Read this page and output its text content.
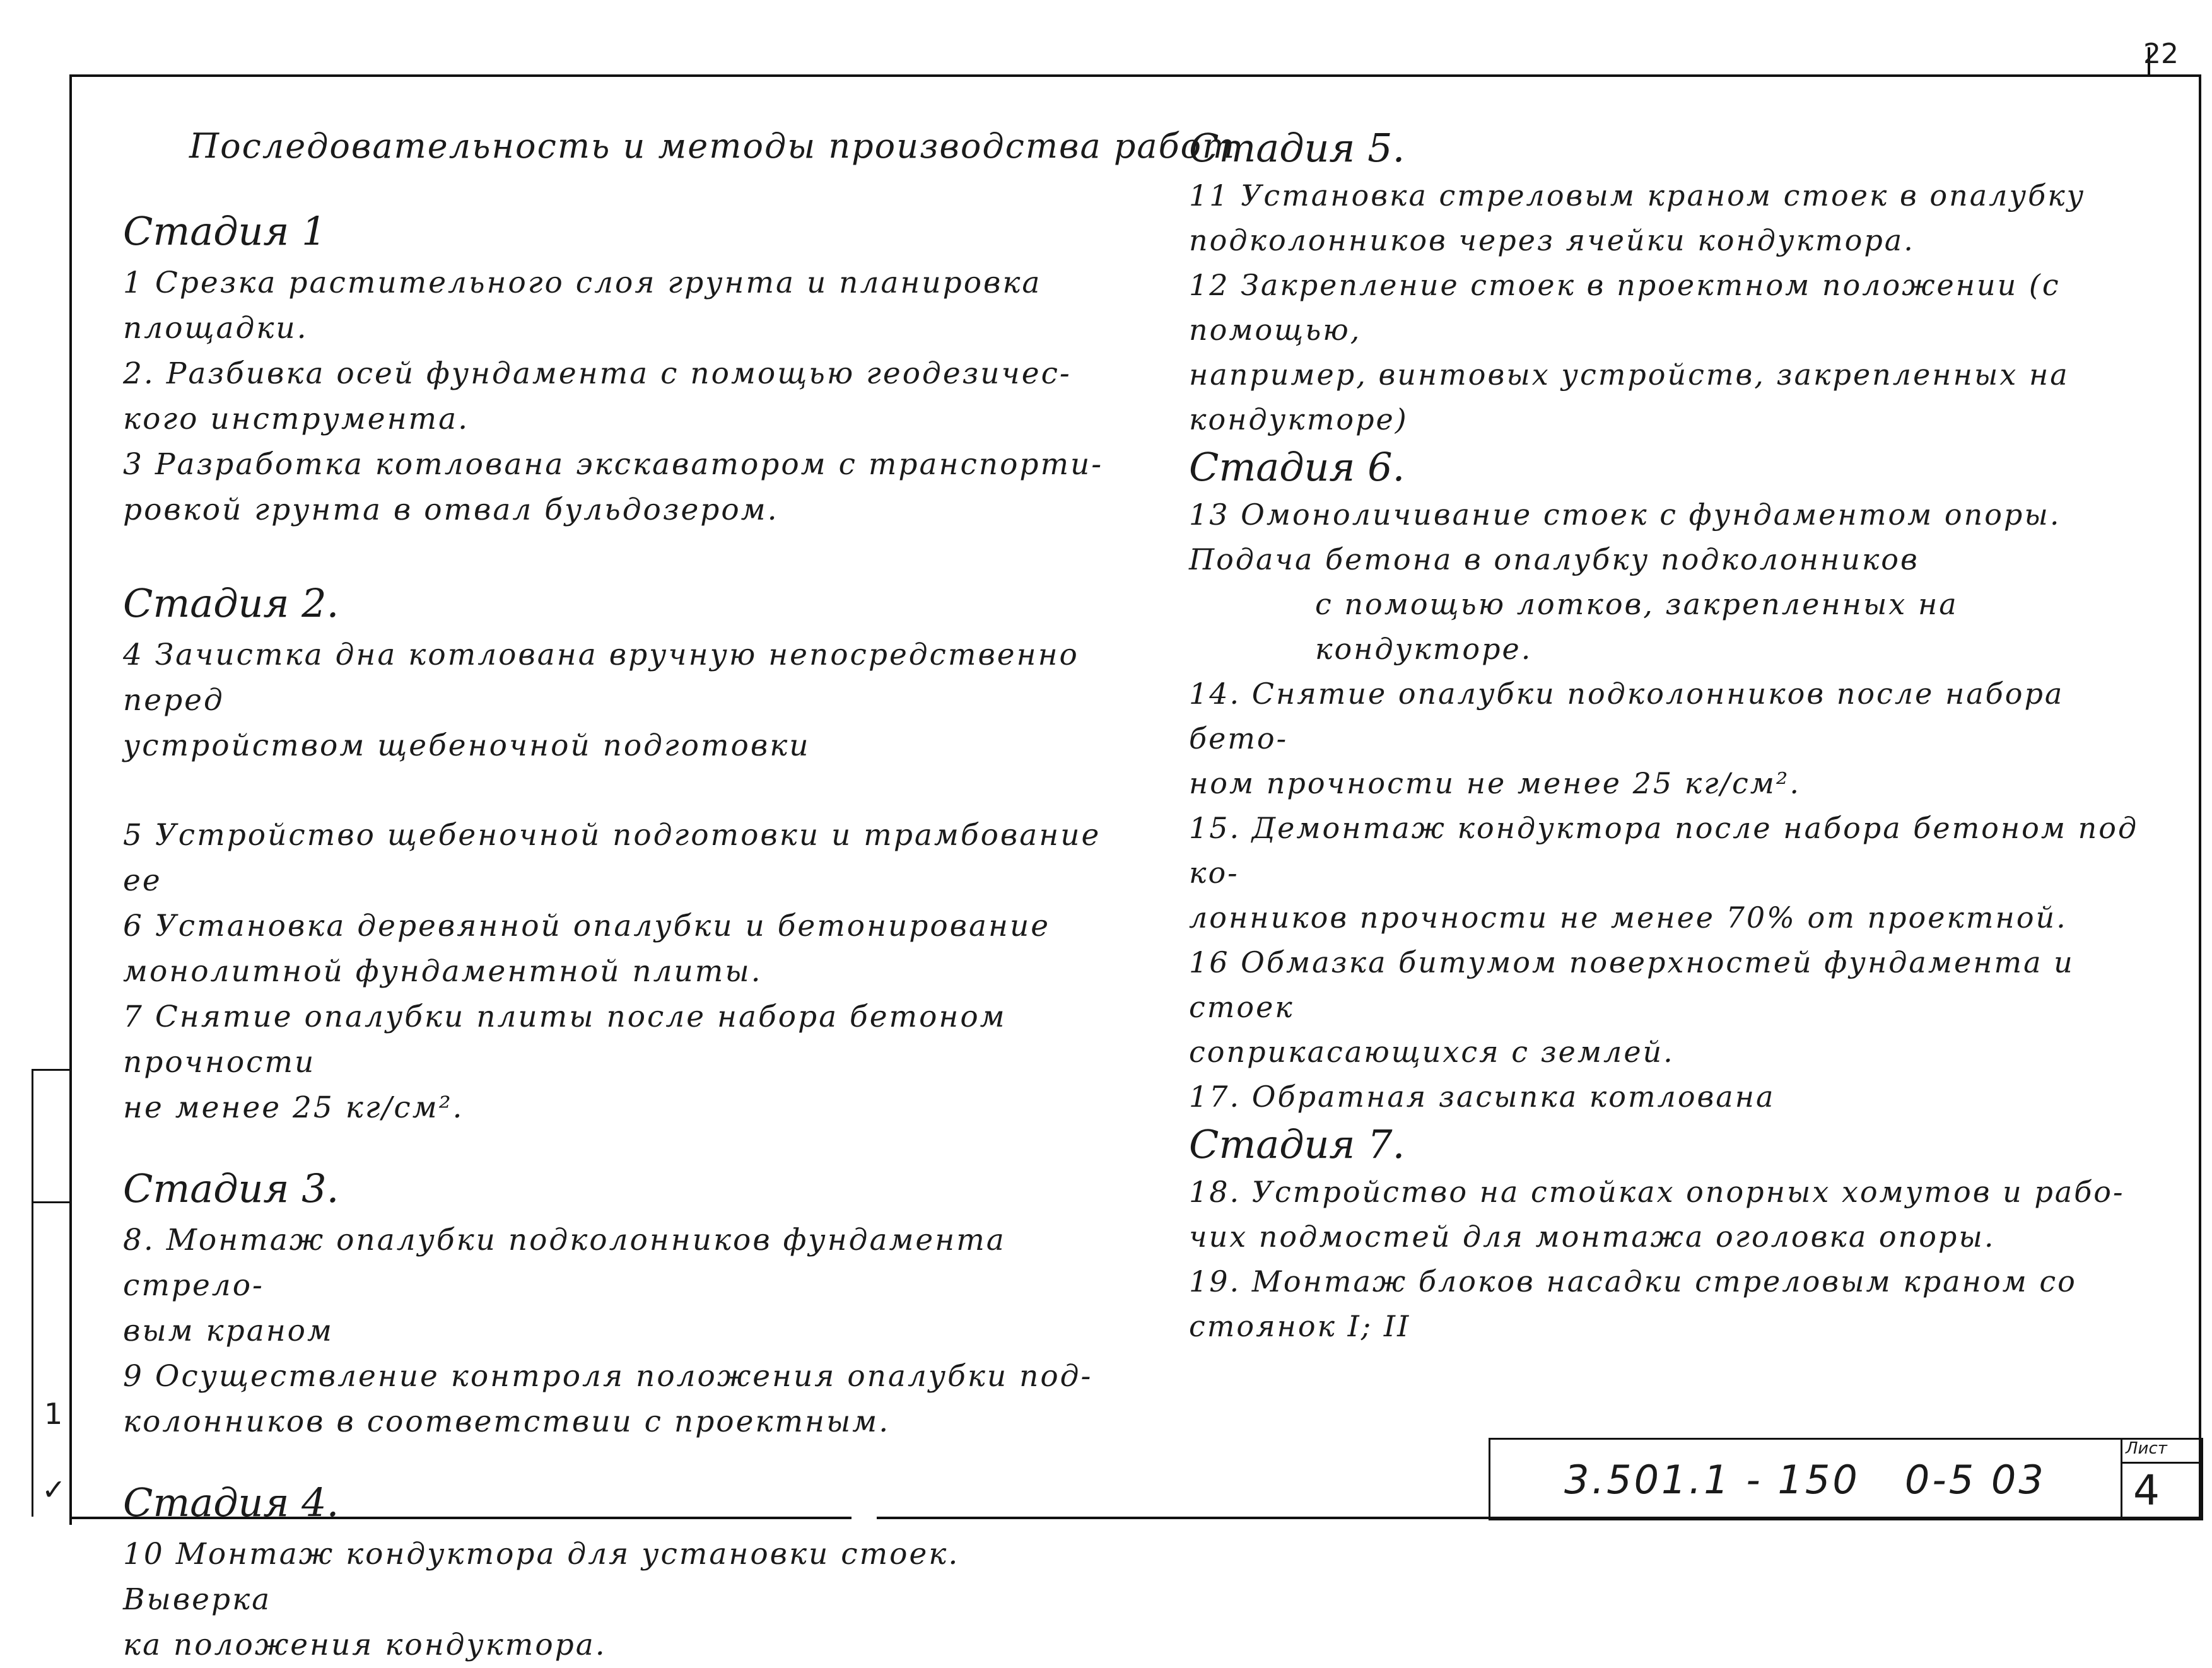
1
✓
22
Последовательность и методы производства работ
Стадия 1
1 Срезка растительного слоя грунта и планировка
площадки.
2. Разбивка осей фундамента с помощью геодезичес-
кого инструмента.
3 Разработка котлована экскаватором с транспорти-
ровкой грунта в отвал бульдозером.
Стадия 2.
4 Зачистка дна котлована вручную непосредственно перед
устройством щебеночной подготовки
5 Устройство щебеночной подготовки и трамбование ее
6 Установка деревянной опалубки и бетонирование
монолитной фундаментной плиты.
7 Снятие опалубки плиты после набора бетоном прочности
не менее 25 кг/см².
Стадия 3.
8. Монтаж опалубки подколонников фундамента стрело-
вым краном
9 Осуществление контроля положения опалубки под-
колонников в соответствии с проектным.
Стадия 4.
10 Монтаж кондуктора для установки стоек. Выверка
ка положения кондуктора.
Стадия 5.
11 Установка стреловым краном стоек в опалубку
подколонников через ячейки кондуктора.
12 Закрепление стоек в проектном положении (с помощью,
например, винтовых устройств, закрепленных на
кондукторе)
Стадия 6.
13 Омоноличивание стоек с фундаментом опоры.
Подача бетона в опалубку подколонников
с помощью лотков, закрепленных на кондукторе.
14. Снятие опалубки подколонников после набора бето-
ном прочности не менее 25 кг/см².
15. Демонтаж кондуктора после набора бетоном под ко-
лонников прочности не менее 70% от проектной.
16 Обмазка битумом поверхностей фундамента и стоек
соприкасающихся с землей.
17. Обратная засыпка котлована
Стадия 7.
18. Устройство на стойках опорных хомутов и рабо-
чих подмостей для монтажа оголовка опоры.
19. Монтаж блоков насадки стреловым краном со
стоянок I; II
3.501.1 - 150   0-5 03
Лист
4
